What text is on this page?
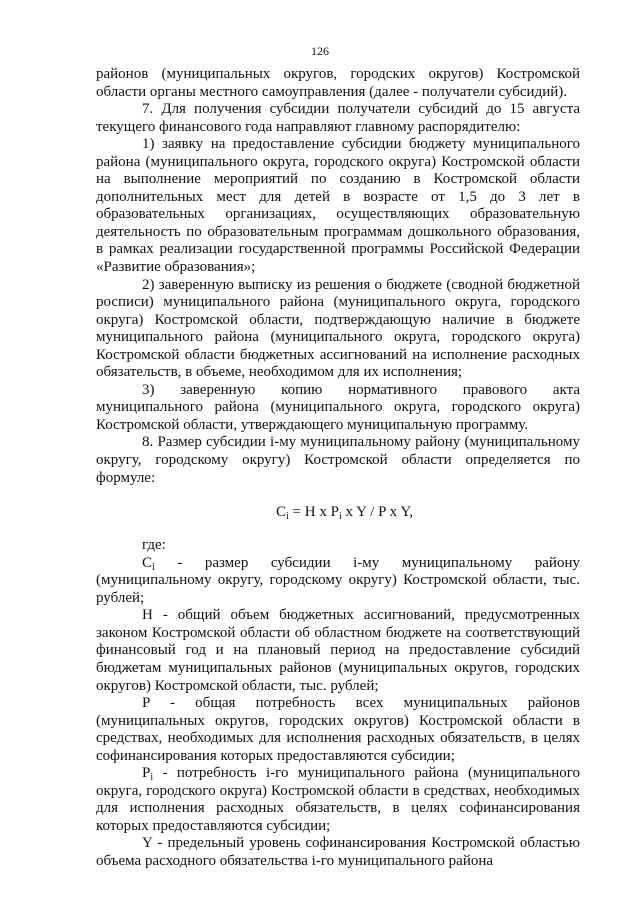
126

районов (муниципальных округов, городских округов) Костромской области органы местного самоуправления (далее - получатели субсидий).

7. Для получения субсидии получатели субсидий до 15 августа текущего финансового года направляют главному распорядителю:

1) заявку на предоставление субсидии бюджету муниципального района (муниципального округа, городского округа) Костромской области на выполнение мероприятий по созданию в Костромской области дополнительных мест для детей в возрасте от 1,5 до 3 лет в образовательных организациях, осуществляющих образовательную деятельность по образовательным программам дошкольного образования, в рамках реализации государственной программы Российской Федерации «Развитие образования»;

2) заверенную выписку из решения о бюджете (сводной бюджетной росписи) муниципального района (муниципального округа, городского округа) Костромской области, подтверждающую наличие в бюджете муниципального района (муниципального округа, городского округа) Костромской области бюджетных ассигнований на исполнение расходных обязательств, в объеме, необходимом для их исполнения;

3) заверенную копию нормативного правового акта муниципального района (муниципального округа, городского округа) Костромской области, утверждающего муниципальную программу.

8. Размер субсидии i-му муниципальному району (муниципальному округу, городскому округу) Костромской области определяется по формуле:

$C_i = H$ x $P_i$ x Y / P x Y,

где:

$C_i$ - размер субсидии i-му муниципальному району (муниципальному округу, городскому округу) Костромской области, тыс. рублей;

H - общий объем бюджетных ассигнований, предусмотренных законом Костромской области об областном бюджете на соответствующий финансовый год и на плановый период на предоставление субсидий бюджетам муниципальных районов (муниципальных округов, городских округов) Костромской области, тыс. рублей;

P - общая потребность всех муниципальных районов (муниципальных округов, городских округов) Костромской области в средствах, необходимых для исполнения расходных обязательств, в целях софинансирования которых предоставляются субсидии;

$P_i$ - потребность i-го муниципального района (муниципального округа, городского округа) Костромской области в средствах, необходимых для исполнения расходных обязательств, в целях софинансирования которых предоставляются субсидии;

Y - предельный уровень софинансирования Костромской областью объема расходного обязательства i-го муниципального района
